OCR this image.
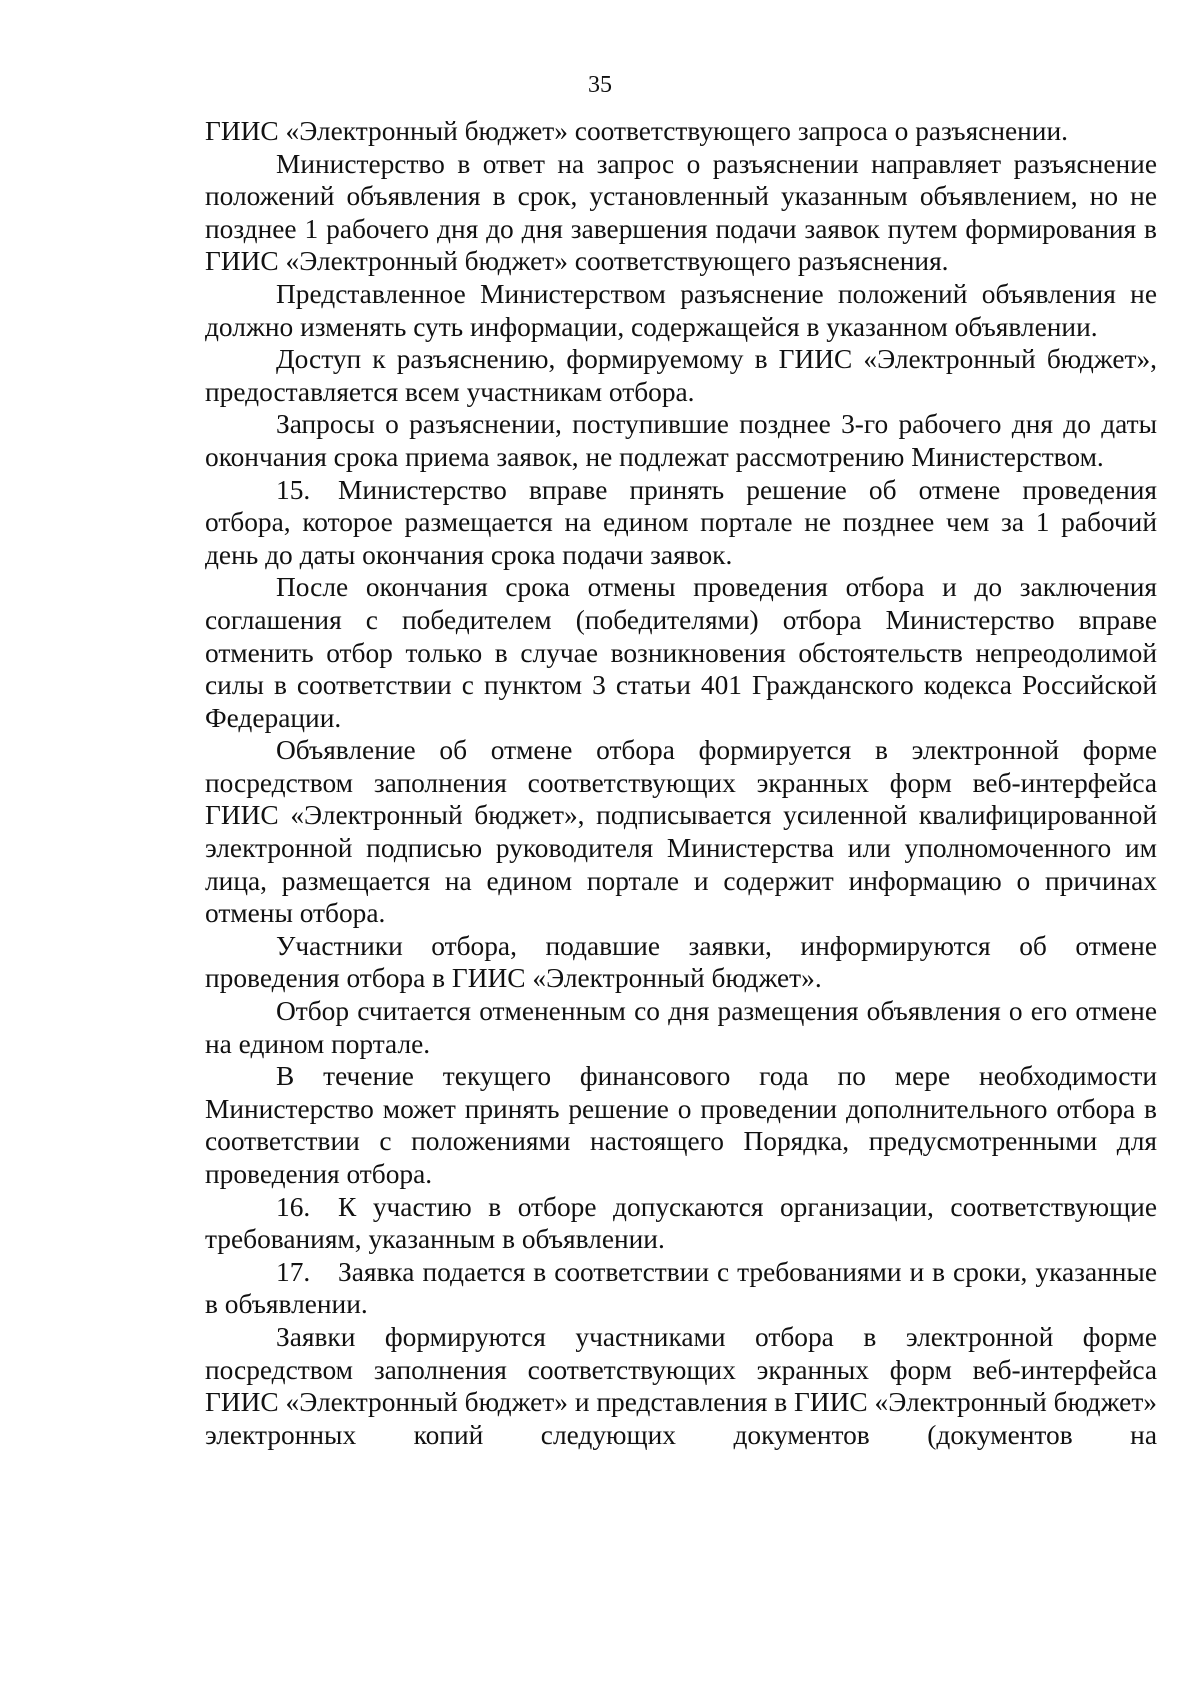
35

ГИИС «Электронный бюджет» соответствующего запроса о разъяснении.

Министерство в ответ на запрос о разъяснении направляет разъяснение положений объявления в срок, установленный указанным объявлением, но не позднее 1 рабочего дня до дня завершения подачи заявок путем формирования в ГИИС «Электронный бюджет» соответствующего разъяснения.

Представленное Министерством разъяснение положений объявления не должно изменять суть информации, содержащейся в указанном объявлении.

Доступ к разъяснению, формируемому в ГИИС «Электронный бюджет», предоставляется всем участникам отбора.

Запросы о разъяснении, поступившие позднее 3-го рабочего дня до даты окончания срока приема заявок, не подлежат рассмотрению Министерством.

15. Министерство вправе принять решение об отмене проведения отбора, которое размещается на едином портале не позднее чем за 1 рабочий день до даты окончания срока подачи заявок.

После окончания срока отмены проведения отбора и до заключения соглашения с победителем (победителями) отбора Министерство вправе отменить отбор только в случае возникновения обстоятельств непреодолимой силы в соответствии с пунктом 3 статьи 401 Гражданского кодекса Российской Федерации.

Объявление об отмене отбора формируется в электронной форме посредством заполнения соответствующих экранных форм веб-интерфейса ГИИС «Электронный бюджет», подписывается усиленной квалифицированной электронной подписью руководителя Министерства или уполномоченного им лица, размещается на едином портале и содержит информацию о причинах отмены отбора.

Участники отбора, подавшие заявки, информируются об отмене проведения отбора в ГИИС «Электронный бюджет».

Отбор считается отмененным со дня размещения объявления о его отмене на едином портале.

В течение текущего финансового года по мере необходимости Министерство может принять решение о проведении дополнительного отбора в соответствии с положениями настоящего Порядка, предусмотренными для проведения отбора.

16. К участию в отборе допускаются организации, соответствующие требованиям, указанным в объявлении.

17. Заявка подается в соответствии с требованиями и в сроки, указанные в объявлении.

Заявки формируются участниками отбора в электронной форме посредством заполнения соответствующих экранных форм веб-интерфейса ГИИС «Электронный бюджет» и представления в ГИИС «Электронный бюджет» электронных копий следующих документов (документов на
